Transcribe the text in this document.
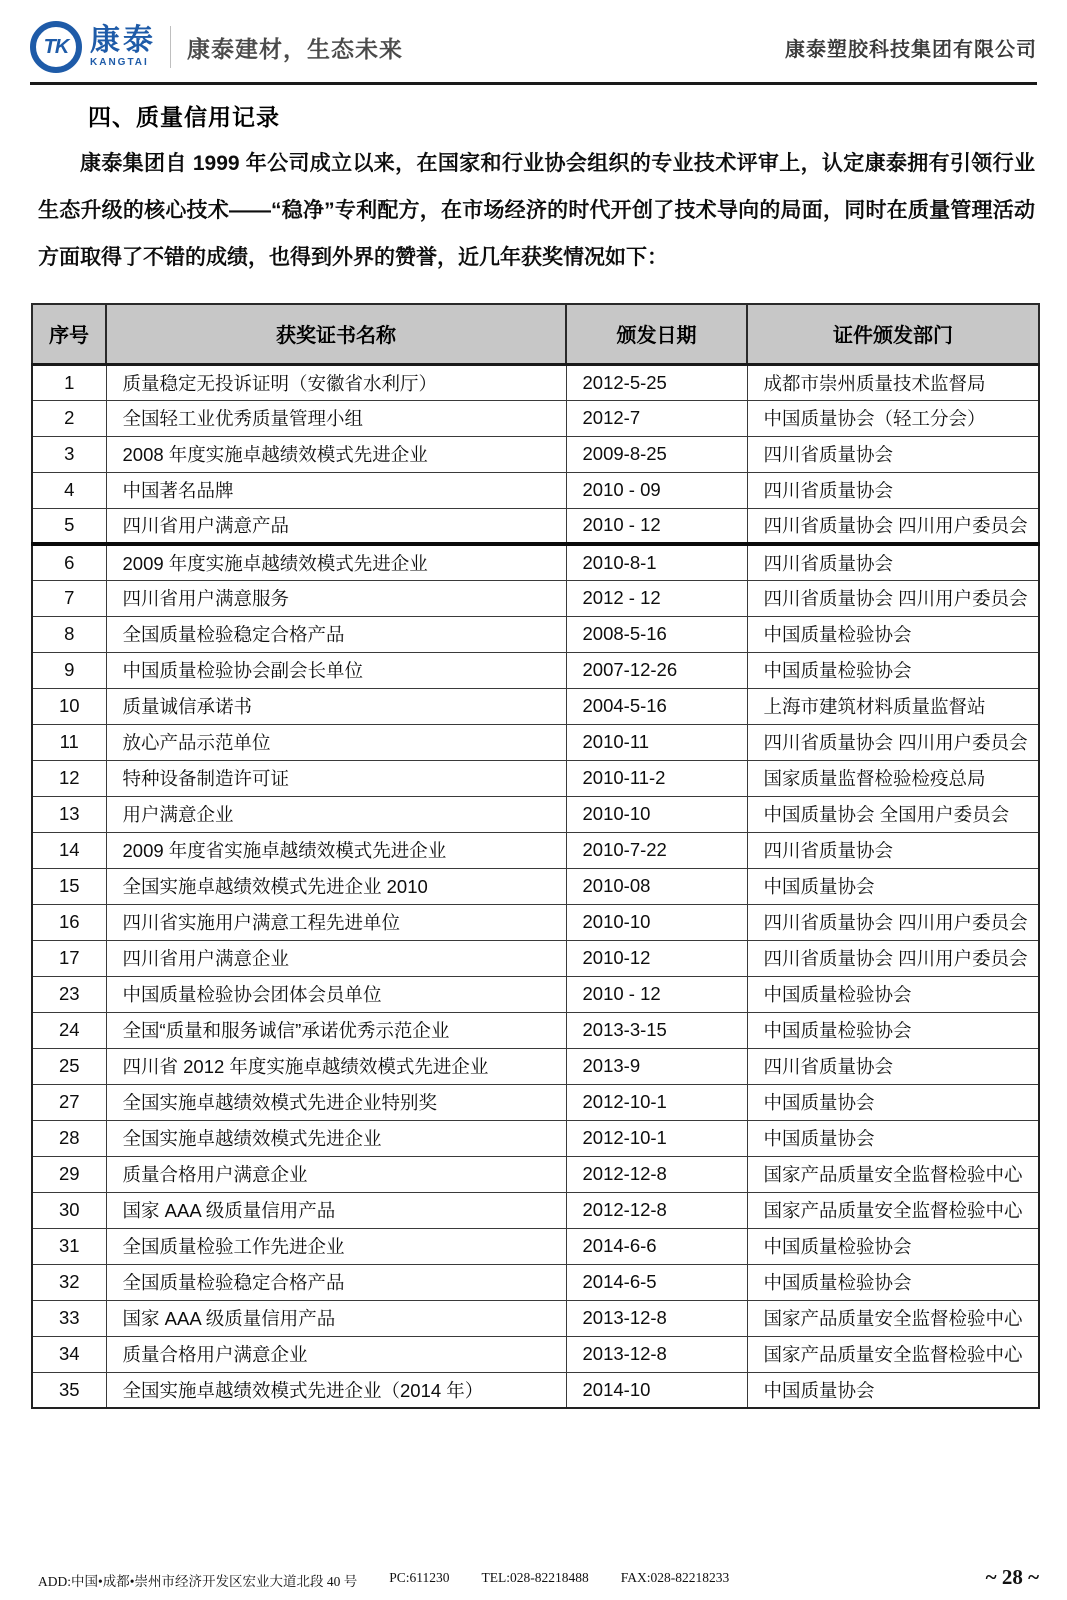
TK 康泰
KANGTAI
康泰建材，生态未来	康泰塑胶科技集团有限公司
四、质量信用记录

康泰集团自 1999 年公司成立以来，在国家和行业协会组织的专业技术评审上，认定康泰拥有引领行业生态升级的核心技术——“稳净”专利配方，在市场经济的时代开创了技术导向的局面，同时在质量管理活动方面取得了不错的成绩，也得到外界的赞誉，近几年获奖情况如下：

序号	获奖证书名称	颁发日期	证件颁发部门
1	质量稳定无投诉证明（安徽省水利厅）	2012-5-25	成都市崇州质量技术监督局
2	全国轻工业优秀质量管理小组	2012-7	中国质量协会（轻工分会）
3	2008 年度实施卓越绩效模式先进企业	2009-8-25	四川省质量协会
4	中国著名品牌	2010 - 09	四川省质量协会
5	四川省用户满意产品	2010 - 12	四川省质量协会 四川用户委员会
6	2009 年度实施卓越绩效模式先进企业	2010-8-1	四川省质量协会
7	四川省用户满意服务	2012 - 12	四川省质量协会 四川用户委员会
8	全国质量检验稳定合格产品	2008-5-16	中国质量检验协会
9	中国质量检验协会副会长单位	2007-12-26	中国质量检验协会
10	质量诚信承诺书	2004-5-16	上海市建筑材料质量监督站
11	放心产品示范单位	2010-11	四川省质量协会 四川用户委员会
12	特种设备制造许可证	2010-11-2	国家质量监督检验检疫总局
13	用户满意企业	2010-10	中国质量协会 全国用户委员会
14	2009 年度省实施卓越绩效模式先进企业	2010-7-22	四川省质量协会
15	全国实施卓越绩效模式先进企业 2010	2010-08	中国质量协会
16	四川省实施用户满意工程先进单位	2010-10	四川省质量协会 四川用户委员会
17	四川省用户满意企业	2010-12	四川省质量协会 四川用户委员会
23	中国质量检验协会团体会员单位	2010 - 12	中国质量检验协会
24	全国“质量和服务诚信”承诺优秀示范企业	2013-3-15	中国质量检验协会
25	四川省 2012 年度实施卓越绩效模式先进企业	2013-9	四川省质量协会
27	全国实施卓越绩效模式先进企业特别奖	2012-10-1	中国质量协会
28	全国实施卓越绩效模式先进企业	2012-10-1	中国质量协会
29	质量合格用户满意企业	2012-12-8	国家产品质量安全监督检验中心
30	国家 AAA 级质量信用产品	2012-12-8	国家产品质量安全监督检验中心
31	全国质量检验工作先进企业	2014-6-6	中国质量检验协会
32	全国质量检验稳定合格产品	2014-6-5	中国质量检验协会
33	国家 AAA 级质量信用产品	2013-12-8	国家产品质量安全监督检验中心
34	质量合格用户满意企业	2013-12-8	国家产品质量安全监督检验中心
35	全国实施卓越绩效模式先进企业（2014 年）	2014-10	中国质量协会
ADD:中国•成都•崇州市经济开发区宏业大道北段 40 号 PC:611230 TEL:028-82218488 FAX:028-82218233	~ 28 ~
